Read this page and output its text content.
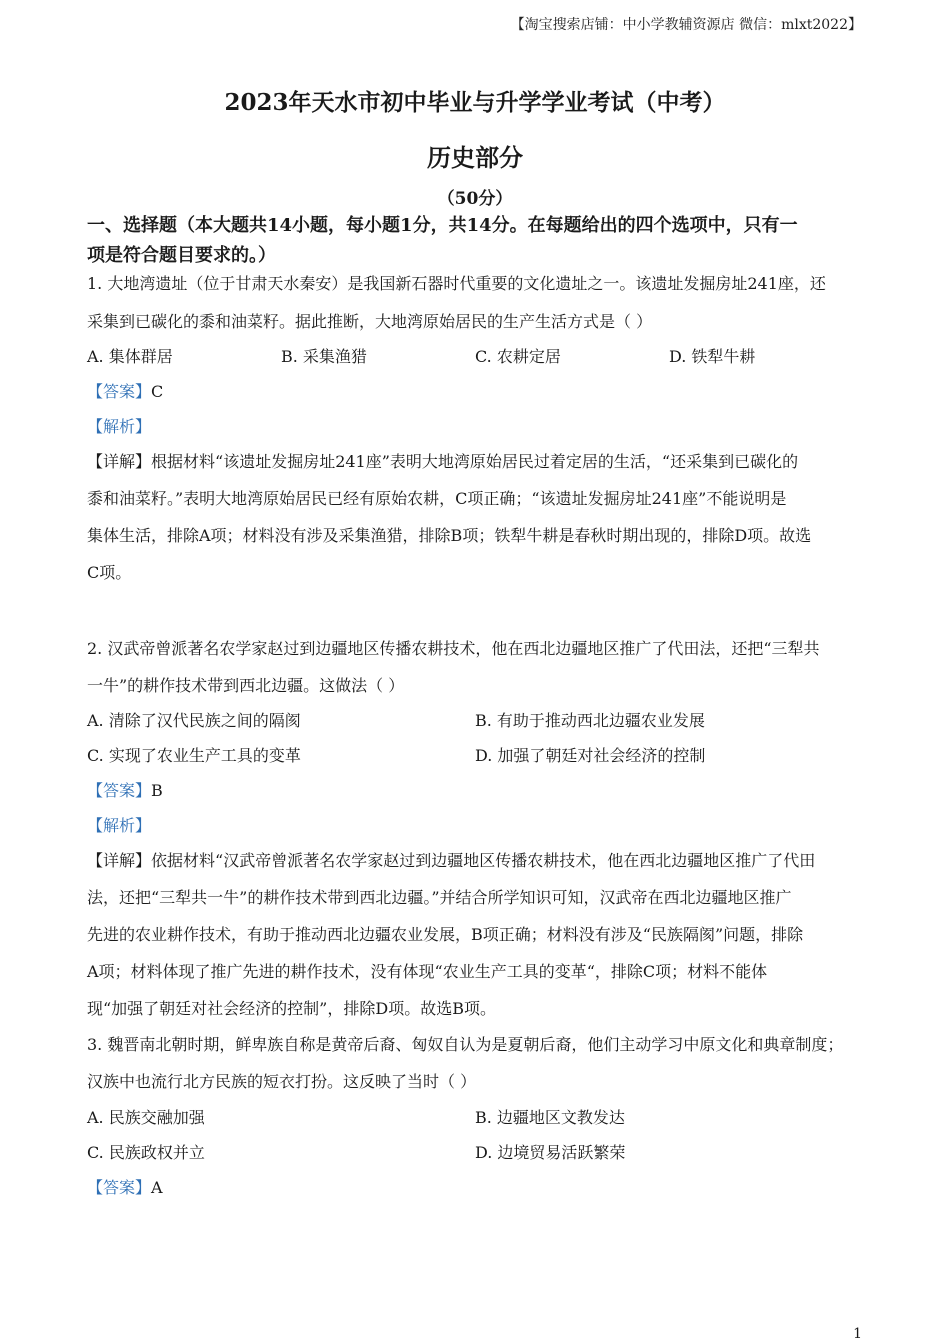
【淘宝搜索店铺：中小学教辅资源店 微信：mlxt2022】
2023年天水市初中毕业与升学学业考试（中考）
历史部分
（50分）
一、选择题（本大题共14小题，每小题1分，共14分。在每题给出的四个选项中，只有一
项是符合题目要求的。）
1. 大地湾遗址（位于甘肃天水秦安）是我国新石器时代重要的文化遗址之一。该遗址发掘房址241座，还
采集到已碳化的黍和油菜籽。据此推断，大地湾原始居民的生产生活方式是（ ）
A. 集体群居	B. 采集渔猎	C. 农耕定居	D. 铁犁牛耕
【答案】C
【解析】
【详解】根据材料“该遗址发掘房址241座”表明大地湾原始居民过着定居的生活，“还采集到已碳化的
黍和油菜籽。”表明大地湾原始居民已经有原始农耕，C项正确；“该遗址发掘房址241座”不能说明是
集体生活，排除A项；材料没有涉及采集渔猎，排除B项；铁犁牛耕是春秋时期出现的，排除D项。故选
C项。
2. 汉武帝曾派著名农学家赵过到边疆地区传播农耕技术，他在西北边疆地区推广了代田法，还把“三犁共
一牛”的耕作技术带到西北边疆。这做法（ ）
A. 清除了汉代民族之间的隔阂	B. 有助于推动西北边疆农业发展
C. 实现了农业生产工具的变革	D. 加强了朝廷对社会经济的控制
【答案】B
【解析】
【详解】依据材料“汉武帝曾派著名农学家赵过到边疆地区传播农耕技术，他在西北边疆地区推广了代田
法，还把“三犁共一牛”的耕作技术带到西北边疆。”并结合所学知识可知，汉武帝在西北边疆地区推广
先进的农业耕作技术，有助于推动西北边疆农业发展，B项正确；材料没有涉及“民族隔阂”问题，排除
A项；材料体现了推广先进的耕作技术，没有体现“农业生产工具的变革“，排除C项；材料不能体
现“加强了朝廷对社会经济的控制”，排除D项。故选B项。
3. 魏晋南北朝时期，鲜卑族自称是黄帝后裔、匈奴自认为是夏朝后裔，他们主动学习中原文化和典章制度；
汉族中也流行北方民族的短衣打扮。这反映了当时（ ）
A. 民族交融加强	B. 边疆地区文教发达
C. 民族政权并立	D. 边境贸易活跃繁荣
【答案】A
1
